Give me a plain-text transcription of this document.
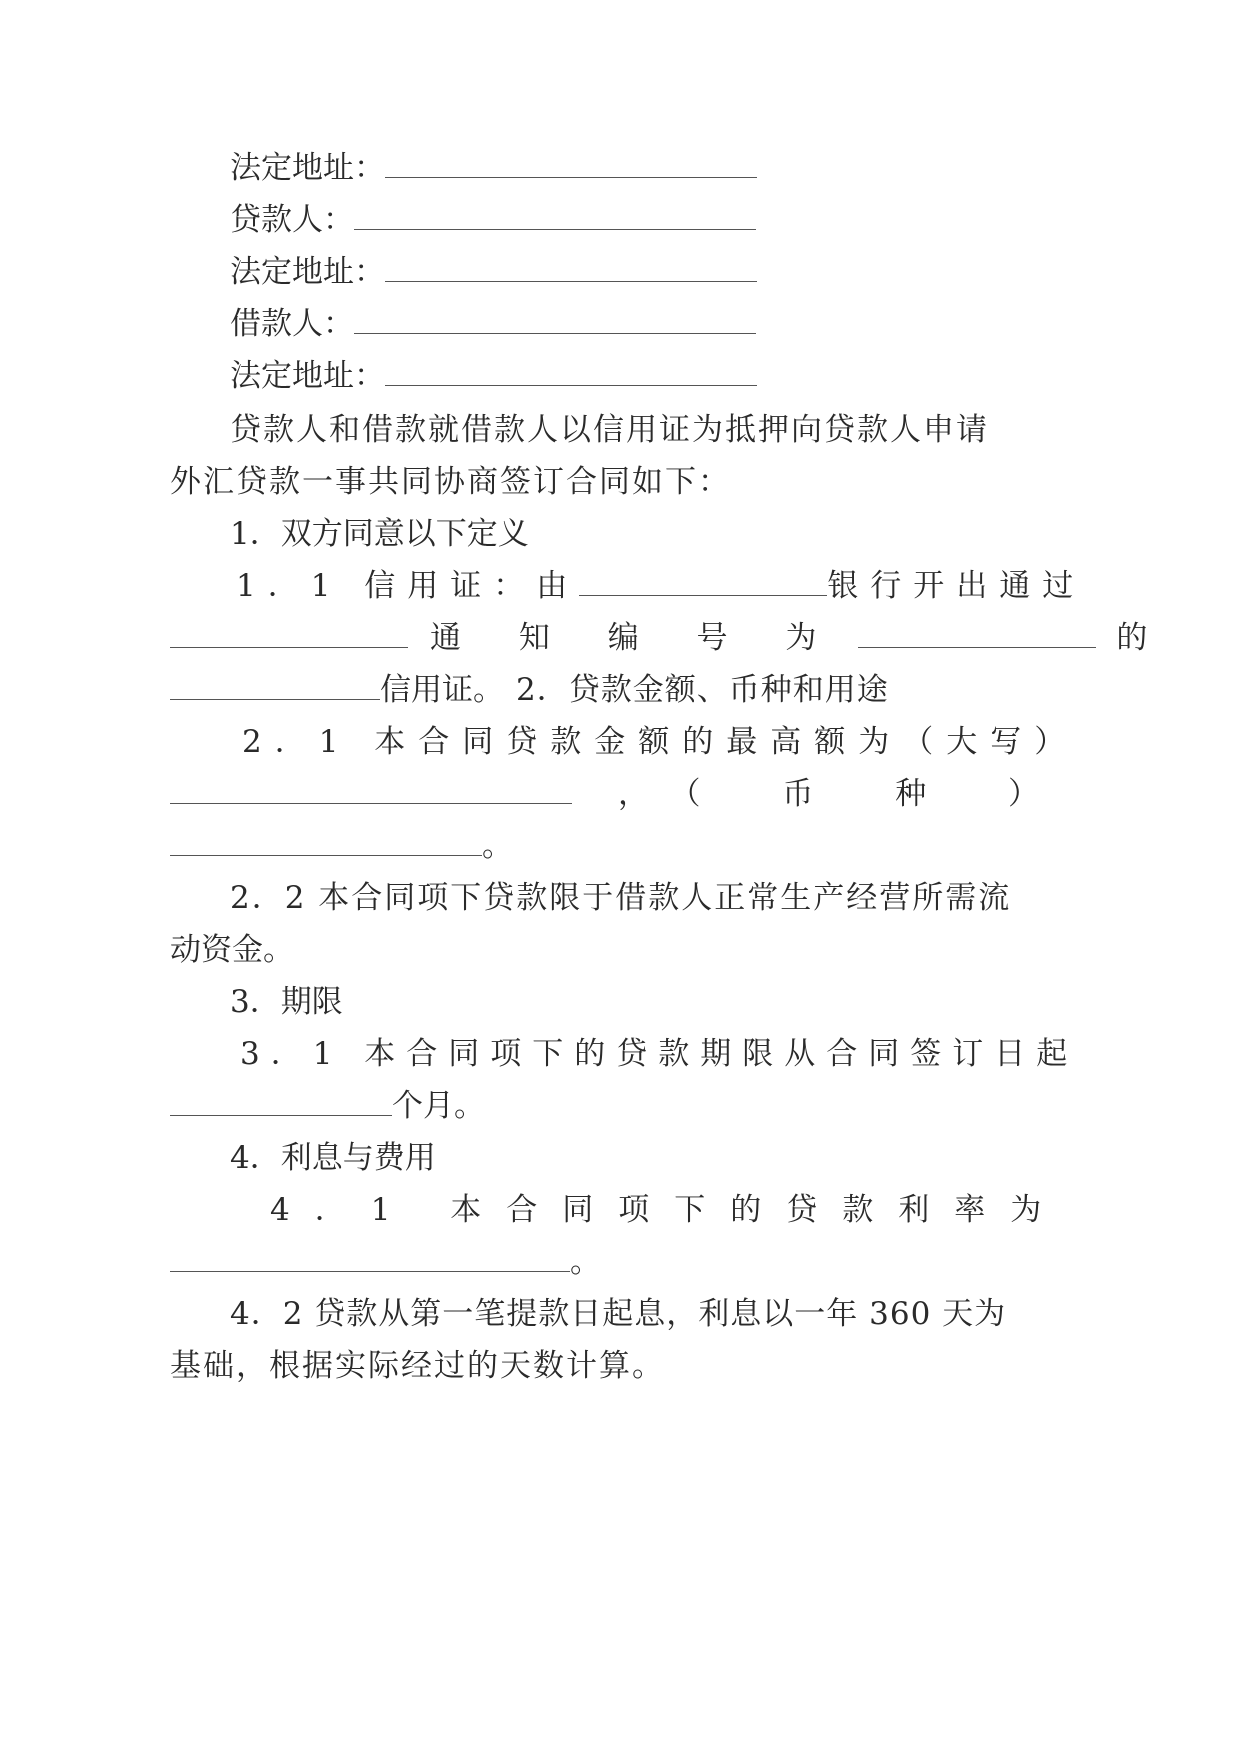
法定地址：
贷款人：
法定地址：
借款人：
法定地址：
贷款人和借款就借款人以信用证为抵押向贷款人申请
外汇贷款一事共同协商签订合同如下：
1．双方同意以下定义
1．1 信用证：由	银行开出通过
通 知 编 号 为	的
信用证。 2．贷款金额、币种和用途
2．1 本合同贷款金额的最高额为（大写）
， （ 币 种 ）
。
2．2 本合同项下贷款限于借款人正常生产经营所需流
动资金。
3．期限
3．1 本合同项下的贷款期限从合同签订日起
个月。
4．利息与费用
4．1 本合同项下的贷款利率为
。
4．2 贷款从第一笔提款日起息，利息以一年 360 天为
基础，根据实际经过的天数计算。
